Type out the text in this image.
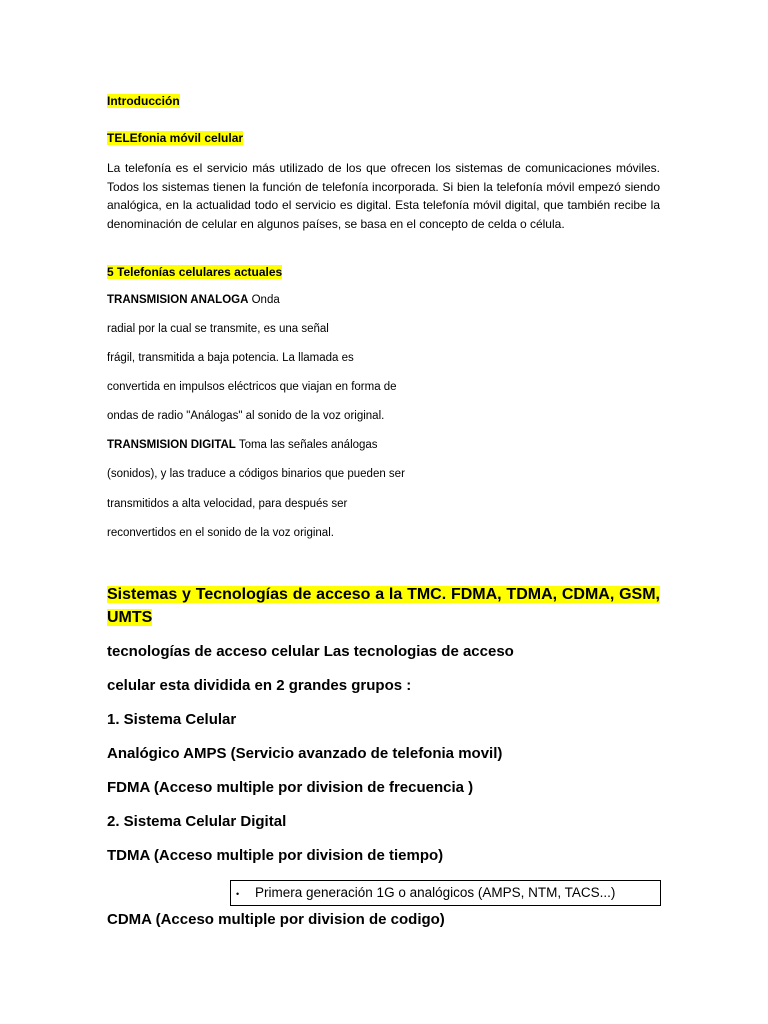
Introducción

TELEfonia móvil celular

La telefonía es el servicio más utilizado de los que ofrecen los sistemas de comunicaciones móviles. Todos los sistemas tienen la función de telefonía incorporada. Si bien la telefonía móvil empezó siendo analógica, en la actualidad todo el servicio es digital. Esta telefonía móvil digital, que también recibe la denominación de celular en algunos países, se basa en el concepto de celda o célula.

5 Telefonías celulares actuales

TRANSMISION ANALOGA Onda

radial por la cual se transmite, es una señal

frágil, transmitida a baja potencia. La llamada es

convertida en impulsos eléctricos que viajan en forma de

ondas de radio "Análogas" al sonido de la voz original.

TRANSMISION DIGITAL Toma las señales análogas

(sonidos), y las traduce a códigos binarios que pueden ser

transmitidos a alta velocidad, para después ser

reconvertidos en el sonido de la voz original.

Sistemas y Tecnologías de acceso a la TMC. FDMA, TDMA, CDMA, GSM, UMTS

tecnologías de acceso celular Las tecnologias de acceso

celular esta dividida en 2 grandes grupos :

1. Sistema Celular

Analógico AMPS (Servicio avanzado de telefonia movil)

FDMA (Acceso multiple por division de frecuencia )

2. Sistema Celular Digital

TDMA (Acceso multiple por division de tiempo)

• Primera generación 1G o analógicos (AMPS, NTM, TACS...)

CDMA (Acceso multiple por division de codigo)
